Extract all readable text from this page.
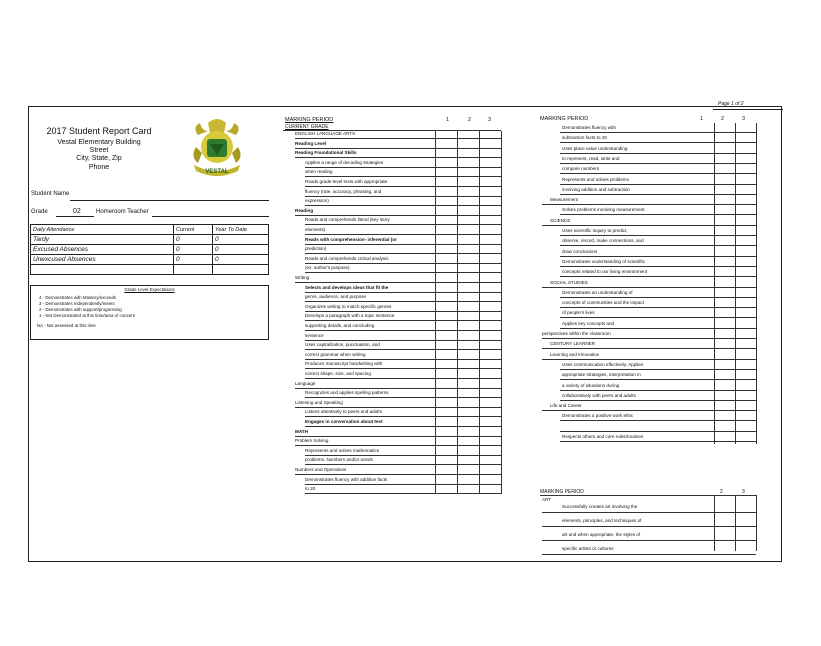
Page 1 of 2
2017 Student Report Card
Vestal Elementary Building
Street
City, State, Zip
Phone
VESTAL
Student Name
Grade	02	Homeroom Teacher
Daily Attendance	Current	Year To Date
Tardy	0	0
Excused Absences	0	0
Unexcused Absences	0	0

Grade Level Expectations
4 - Demonstrates with Mastery/exceeds
3 - Demonstrates Independently/meets
2 - Demonstrates with support/progressing
1 - Not Demonstrated at this time/area of concern
NA - Not assessed at this time
MARKING PERIOD	1	2	3
CURRENT GRADE
ENGLISH LANGUAGE ARTS
Reading Level
Reading Foundational Skills
Applies a range of decoding strategies
when reading
Reads grade-level texts with appropriate
fluency (rate, accuracy, phrasing, and
expression)
Reading
Reads and comprehends literal (key story
elements)
Reads with comprehension- inferential (or
prediction)
Reads and comprehends critical analysis
(ex: author's purpose)
Writing
Selects and develops ideas that fit the
genre, audience, and purpose
Organizes writing to match specific genres
Develops a paragraph with a topic sentence
supporting details, and concluding
sentence
Uses capitalization, punctuation, and
correct grammar when writing
Produces manuscript handwriting with
correct shape, size, and spacing
Language
Recognizes and applies spelling patterns
Listening and Speaking
Listens attentively to peers and adults
Engages in conversation about text
MATH
Problem Solving
Represents and solves mathematics
problems. Numbers and/or words
Numbers and Operations
Demonstrates fluency with addition facts
to 20
MARKING PERIOD	1	2	3
Demonstrates fluency with
subtraction facts to 20
Uses place value understanding
to represent, read, write and
compare numbers
Represents and solves problems
involving addition and subtraction
Measurement
Solves problems involving measurement
SCIENCE
Uses scientific inquiry to predict,
observe, record, make connections, and
draw conclusions
Demonstrates understanding of scientific
concepts related to our living environment
SOCIAL STUDIES
Demonstrates an understanding of
concepts of communities and the impact
of people's lives
Applies key concepts and
perspectives within the classroom
CENTURY LEARNER
Learning and Innovation
Uses communication effectively. Applies
appropriate strategies, interpretation in
a variety of situations during
collaboratively with peers and adults
Life and Career
Demonstrates a positive work ethic
Respects others and core rules/routines
MARKING PERIOD	2	3
ART
Successfully creates art involving the
elements, principles, and techniques of
art and when appropriate, the styles of
specific artists or cultures
